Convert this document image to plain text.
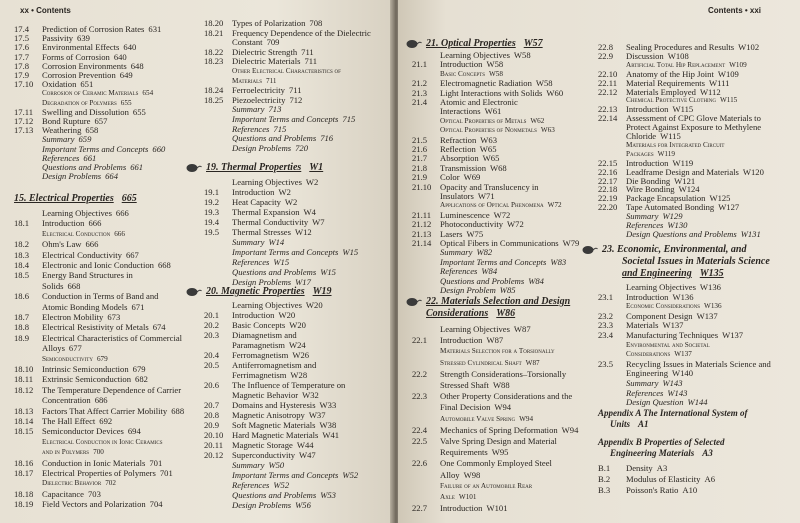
xx • Contents
17.4	Prediction of Corrosion Rates 631
17.5	Passivity 639
17.6	Environmental Effects 640
17.7	Forms of Corrosion 640
17.8	Corrosion Environments 648
17.9	Corrosion Prevention 649
17.10	Oxidation 651
Corrosion of Ceramic Materials 654
Degradation of Polymers 655
17.11	Swelling and Dissolution 655
17.12	Bond Rupture 657
17.13	Weathering 658
Summary 659
Important Terms and Concepts 660
References 661
Questions and Problems 661
Design Problems 664
15. Electrical Properties 665
Learning Objectives 666
18.1	Introduction 666
Electrical Conduction 666
18.2	Ohm's Law 666
18.3	Electrical Conductivity 667
18.4	Electronic and Ionic Conduction 668
18.5	Energy Band Structures in
Solids 668
18.6	Conduction in Terms of Band and
Atomic Bonding Models 671
18.7	Electron Mobility 673
18.8	Electrical Resistivity of Metals 674
18.9	Electrical Characteristics of Commercial
Alloys 677
Semiconductivity 679
18.10	Intrinsic Semiconduction 679
18.11	Extrinsic Semiconduction 682
18.12	The Temperature Dependence of Carrier
Concentration 686
18.13	Factors That Affect Carrier Mobility 688
18.14	The Hall Effect 692
18.15	Semiconductor Devices 694
Electrical Conduction in Ionic Ceramics
and in Polymers 700
18.16	Conduction in Ionic Materials 701
18.17	Electrical Properties of Polymers 701
Dielectric Behavior 702
18.18	Capacitance 703
18.19	Field Vectors and Polarization 704
18.20	Types of Polarization 708
18.21	Frequency Dependence of the Dielectric
Constant 709
18.22	Dielectric Strength 711
18.23	Dielectric Materials 711
Other Electrical Characteristics of
Materials 711
18.24	Ferroelectricity 711
18.25	Piezoelectricity 712
Summary 713
Important Terms and Concepts 715
References 715
Questions and Problems 716
Design Problems 720
19. Thermal Properties W1
Learning Objectives W2
19.1	Introduction W2
19.2	Heat Capacity W2
19.3	Thermal Expansion W4
19.4	Thermal Conductivity W7
19.5	Thermal Stresses W12
Summary W14
Important Terms and Concepts W15
References W15
Questions and Problems W15
Design Problems W17
20. Magnetic Properties W19
Learning Objectives W20
20.1	Introduction W20
20.2	Basic Concepts W20
20.3	Diamagnetism and
Paramagnetism W24
20.4	Ferromagnetism W26
20.5	Antiferromagnetism and
Ferrimagnetism W28
20.6	The Influence of Temperature on
Magnetic Behavior W32
20.7	Domains and Hysteresis W33
20.8	Magnetic Anisotropy W37
20.9	Soft Magnetic Materials W38
20.10	Hard Magnetic Materials W41
20.11	Magnetic Storage W44
20.12	Superconductivity W47
Summary W50
Important Terms and Concepts W52
References W52
Questions and Problems W53
Design Problems W56
Contents • xxi
21. Optical Properties W57
Learning Objectives W58
21.1	Introduction W58
Basic Concepts W58
21.2	Electromagnetic Radiation W58
21.3	Light Interactions with Solids W60
21.4	Atomic and Electronic
Interactions W61
Optical Properties of Metals W62
Optical Properties of Nonmetals W63
21.5	Refraction W63
21.6	Reflection W65
21.7	Absorption W65
21.8	Transmission W68
21.9	Color W69
21.10	Opacity and Translucency in
Insulators W71
Applications of Optical Phenomena W72
21.11	Luminescence W72
21.12	Photoconductivity W72
21.13	Lasers W75
21.14	Optical Fibers in Communications W79
Summary W82
Important Terms and Concepts W83
References W84
Questions and Problems W84
Design Problem W85
22. Materials Selection and Design
Considerations W86
Learning Objectives W87
22.1	Introduction W87
Materials Selection for a Torsionally
Stressed Cylindrical Shaft W87
22.2	Strength Considerations–Torsionally
Stressed Shaft W88
22.3	Other Property Considerations and the
Final Decision W94
Automobile Valve Spring W94
22.4	Mechanics of Spring Deformation W94
22.5	Valve Spring Design and Material
Requirements W95
22.6	One Commonly Employed Steel
Alloy W98
Failure of an Automobile Rear
Axle W101
22.7	Introduction W101
22.8	Sealing Procedures and Results W102
22.9	Discussion W108
Artificial Total Hip Replacement W109
22.10	Anatomy of the Hip Joint W109
22.11	Material Requirements W111
22.12	Materials Employed W112
Chemical Protective Clothing W115
22.13	Introduction W115
22.14	Assessment of CPC Glove Materials to
Protect Against Exposure to Methylene
Chloride W115
Materials for Integrated Circuit
Packages W119
22.15	Introduction W119
22.16	Leadframe Design and Materials W120
22.17	Die Bonding W121
22.18	Wire Bonding W124
22.19	Package Encapsulation W125
22.20	Tape Automated Bonding W127
Summary W129
References W130
Design Questions and Problems W131
23. Economic, Environmental, and
Societal Issues in Materials Science
and Engineering W135
Learning Objectives W136
23.1	Introduction W136
Economic Considerations W136
23.2	Component Design W137
23.3	Materials W137
23.4	Manufacturing Techniques W137
Environmental and Societal
Considerations W137
23.5	Recycling Issues in Materials Science and
Engineering W140
Summary W143
References W143
Design Question W144
Appendix A The International System of
Units A1
Appendix B Properties of Selected
Engineering Materials A3
B.1	Density A3
B.2	Modulus of Elasticity A6
B.3	Poisson's Ratio A10
